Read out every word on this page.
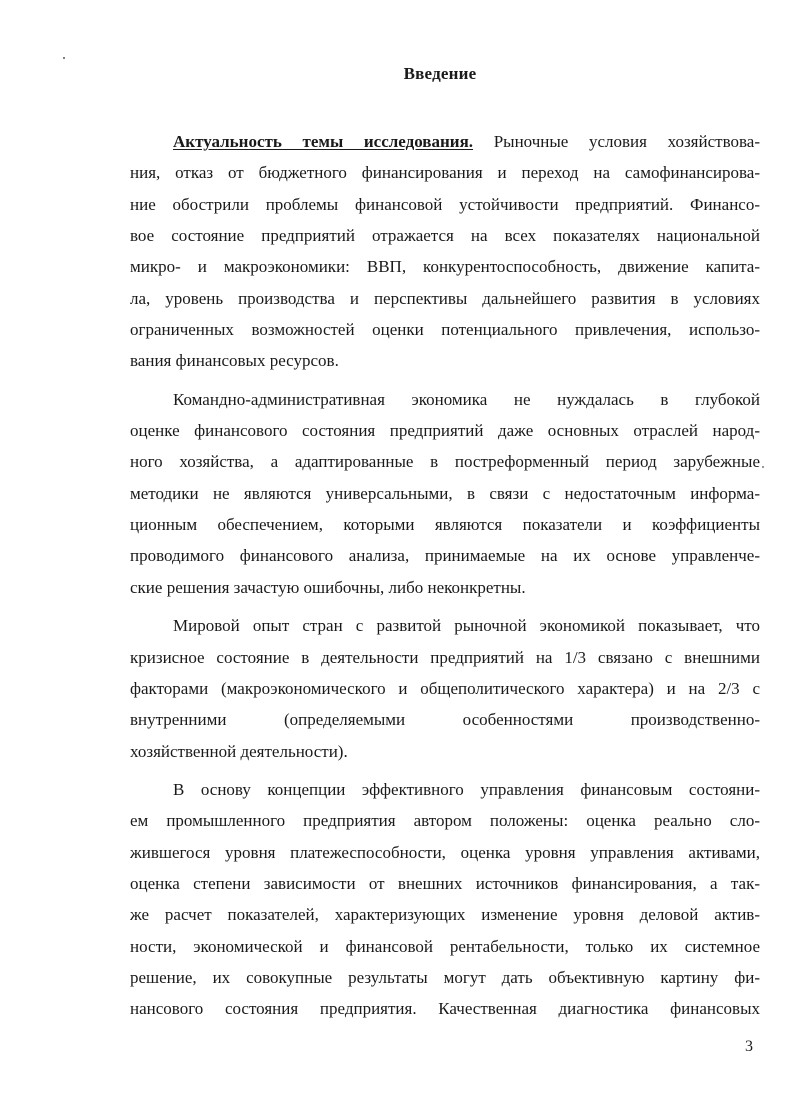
Введение
Актуальность темы исследования. Рыночные условия хозяйствова-
ния, отказ от бюджетного финансирования и переход на самофинансирова-
ние обострили проблемы финансовой устойчивости предприятий. Финансо-
вое состояние предприятий отражается на всех показателях национальной
микро- и макроэкономики: ВВП, конкурентоспособность, движение капита-
ла, уровень производства и перспективы дальнейшего развития в условиях
ограниченных возможностей оценки потенциального привлечения, использо-
вания финансовых ресурсов.
Командно-административная экономика не нуждалась в глубокой
оценке финансового состояния предприятий даже основных отраслей народ-
ного хозяйства, а адаптированные в постреформенный период зарубежные
методики не являются универсальными, в связи с недостаточным информа-
ционным обеспечением, которыми являются показатели и коэффициенты
проводимого финансового анализа, принимаемые на их основе управленче-
ские решения зачастую ошибочны, либо неконкретны.
Мировой опыт стран с развитой рыночной экономикой показывает, что
кризисное состояние в деятельности предприятий на 1/3 связано с внешними
факторами (макроэкономического и общеполитического характера) и на 2/3 с
внутренними (определяемыми особенностями производственно-
хозяйственной деятельности).
В основу концепции эффективного управления финансовым состояни-
ем промышленного предприятия автором положены: оценка реально сло-
жившегося уровня платежеспособности, оценка уровня управления активами,
оценка степени зависимости от внешних источников финансирования, а так-
же расчет показателей, характеризующих изменение уровня деловой актив-
ности, экономической и финансовой рентабельности, только их системное
решение, их совокупные результаты могут дать объективную картину фи-
нансового состояния предприятия. Качественная диагностика финансовых
3
